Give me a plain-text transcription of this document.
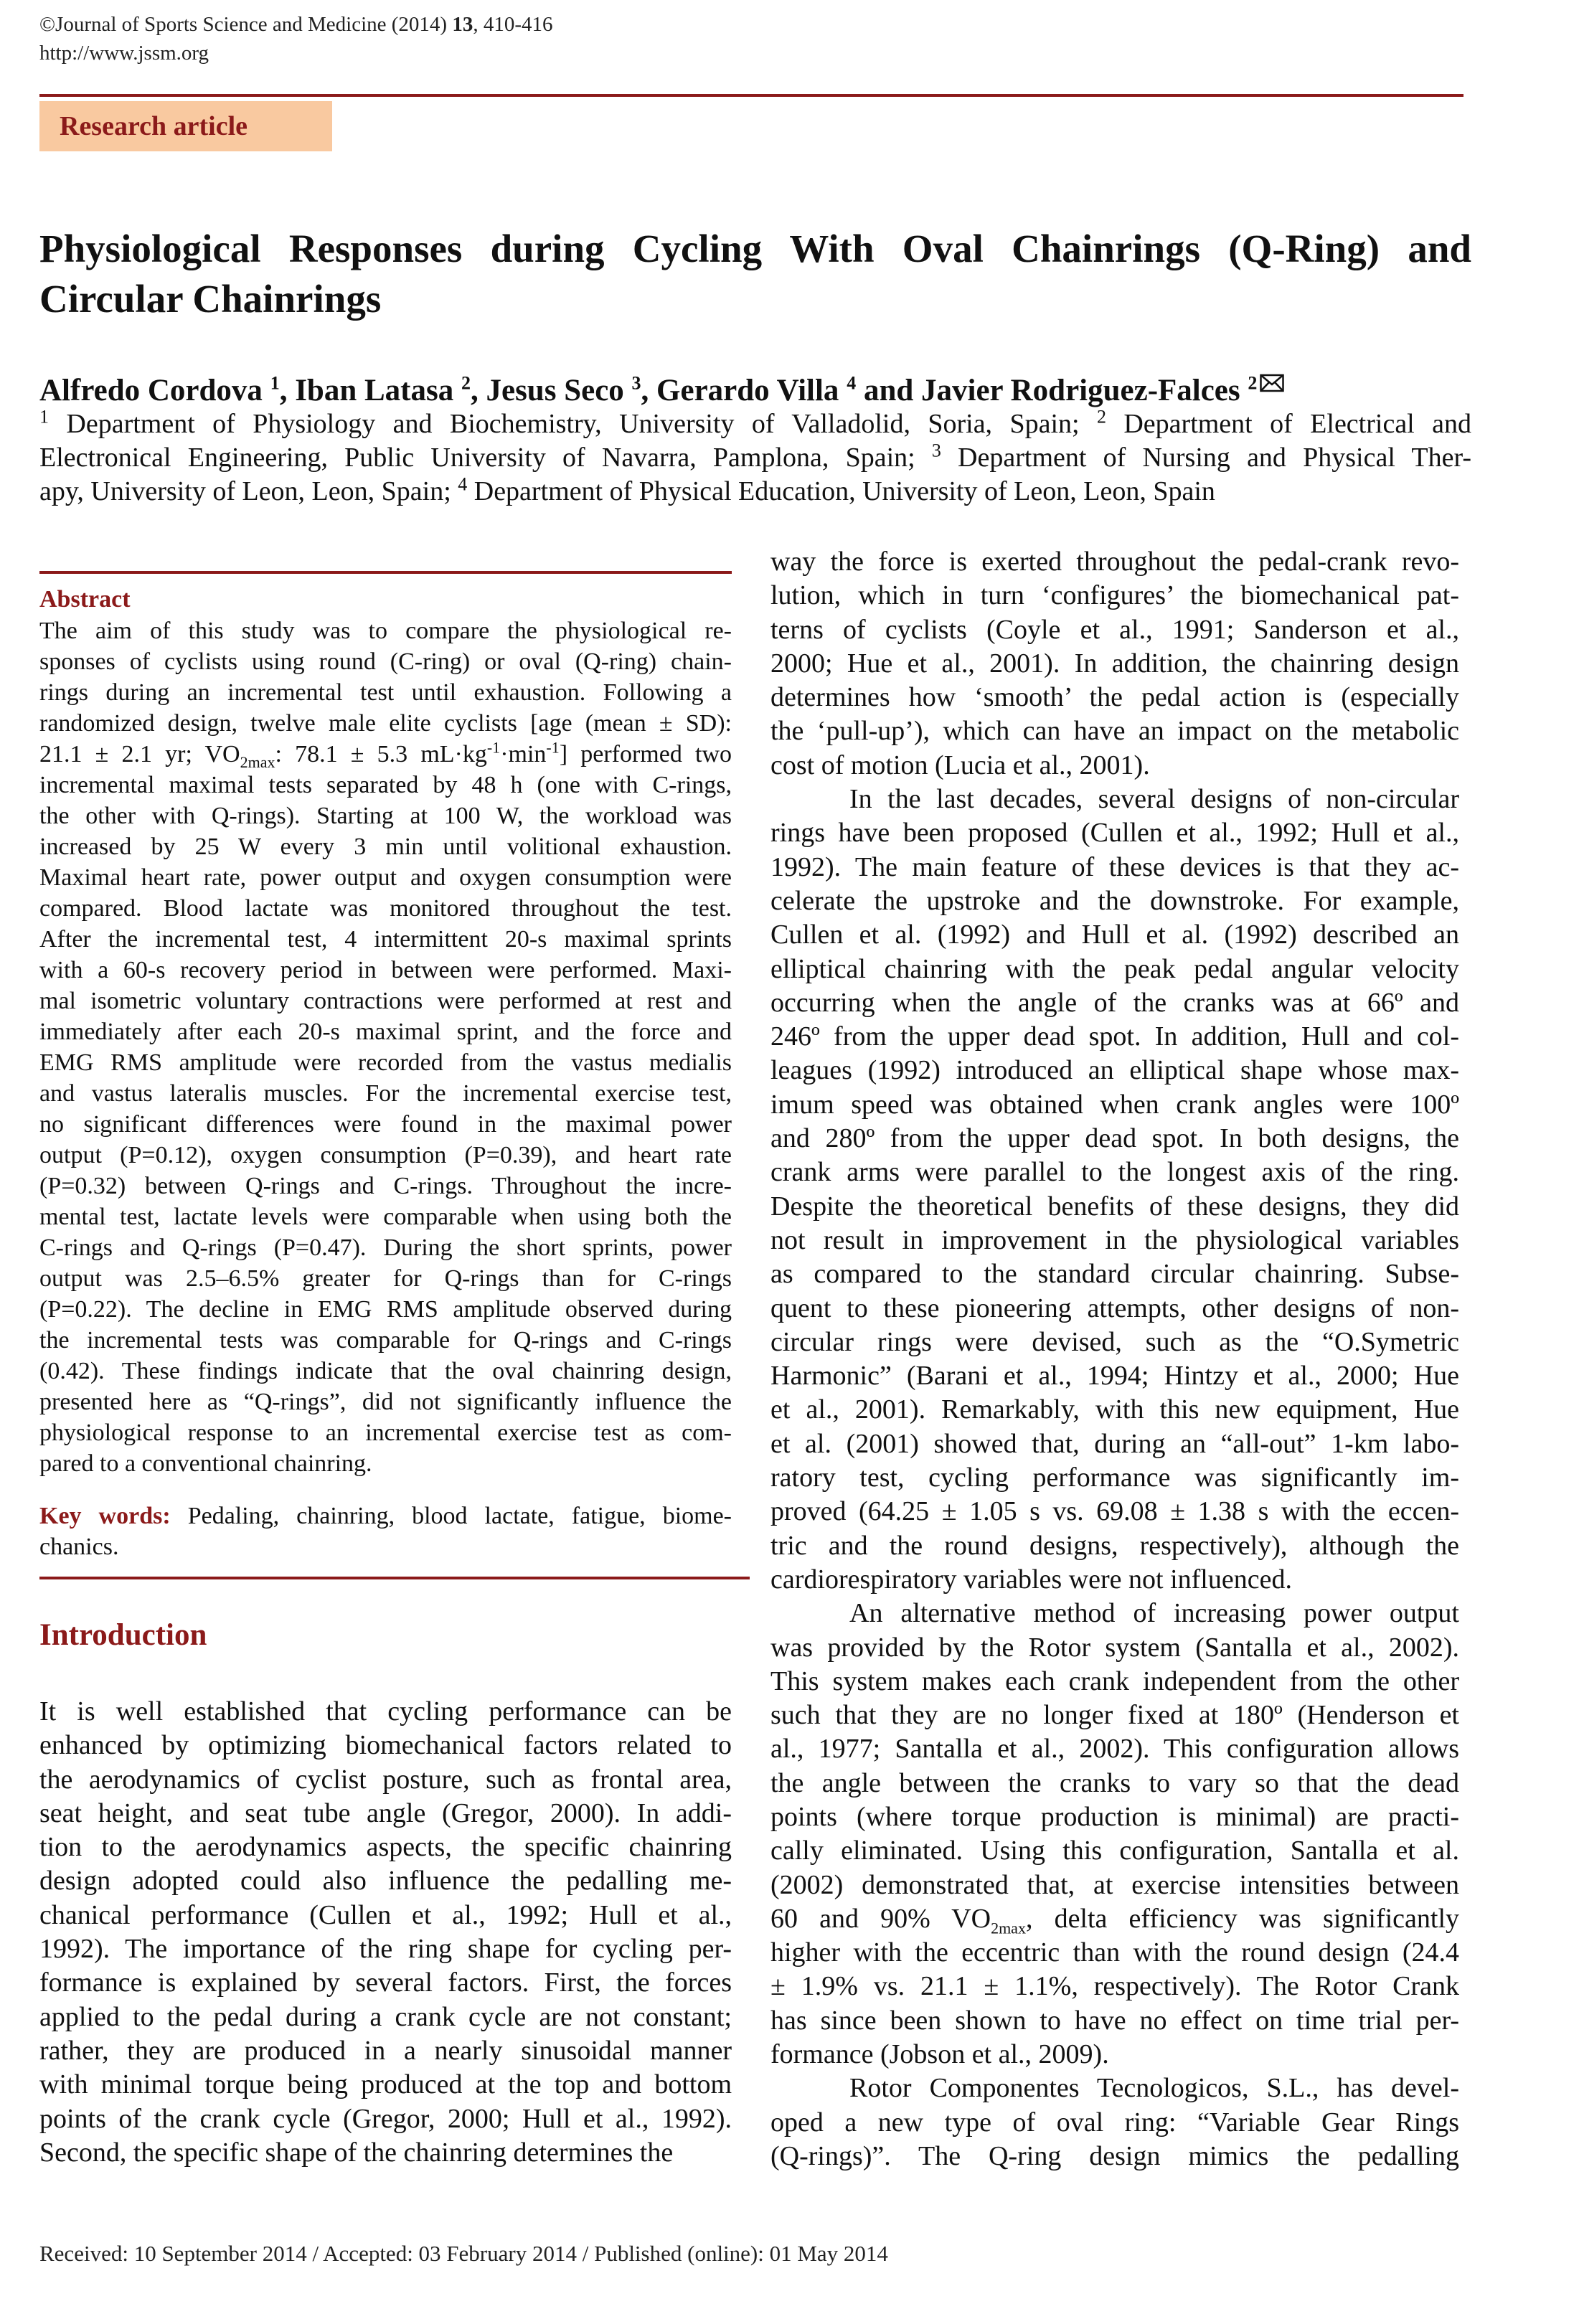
©Journal of Sports Science and Medicine (2014) 13, 410-416
http://www.jssm.org
Research article
Physiological Responses during Cycling With Oval Chainrings (Q-Ring) and Circular Chainrings
Alfredo Cordova $^1$, Iban Latasa $^2$, Jesus Seco $^3$, Gerardo Villa $^4$ and Javier Rodriguez-Falces $^2$
$^1$ Department of Physiology and Biochemistry, University of Valladolid, Soria, Spain; $^2$ Department of Electrical and
Electronical Engineering, Public University of Navarra, Pamplona, Spain; $^3$ Department of Nursing and Physical Ther-
apy, University of Leon, Leon, Spain; $^4$ Department of Physical Education, University of Leon, Leon, Spain
Abstract
The aim of this study was to compare the physiological re-
sponses of cyclists using round (C-ring) or oval (Q-ring) chain-
rings during an incremental test until exhaustion. Following a
randomized design, twelve male elite cyclists [age (mean ± SD):
21.1 ± 2.1 yr; $VO_{2max}$: 78.1 ± 5.3 $mL\cdot kg^{-1}\cdot\min^{-1}$] performed two
incremental maximal tests separated by 48 h (one with C-rings,
the other with Q-rings). Starting at 100 W, the workload was
increased by 25 W every 3 min until volitional exhaustion.
Maximal heart rate, power output and oxygen consumption were
compared. Blood lactate was monitored throughout the test.
After the incremental test, 4 intermittent 20-s maximal sprints
with a 60-s recovery period in between were performed. Maxi-
mal isometric voluntary contractions were performed at rest and
immediately after each 20-s maximal sprint, and the force and
EMG RMS amplitude were recorded from the vastus medialis
and vastus lateralis muscles. For the incremental exercise test,
no significant differences were found in the maximal power
output (P=0.12), oxygen consumption (P=0.39), and heart rate
(P=0.32) between Q-rings and C-rings. Throughout the incre-
mental test, lactate levels were comparable when using both the
C-rings and Q-rings (P=0.47). During the short sprints, power
output was 2.5–6.5% greater for Q-rings than for C-rings
(P=0.22). The decline in EMG RMS amplitude observed during
the incremental tests was comparable for Q-rings and C-rings
(0.42). These findings indicate that the oval chainring design,
presented here as “Q-rings”, did not significantly influence the
physiological response to an incremental exercise test as com-
pared to a conventional chainring.
Key words: Pedaling, chainring, blood lactate, fatigue, biome-
chanics.
Introduction
It is well established that cycling performance can be
enhanced by optimizing biomechanical factors related to
the aerodynamics of cyclist posture, such as frontal area,
seat height, and seat tube angle (Gregor, 2000). In addi-
tion to the aerodynamics aspects, the specific chainring
design adopted could also influence the pedalling me-
chanical performance (Cullen et al., 1992; Hull et al.,
1992). The importance of the ring shape for cycling per-
formance is explained by several factors. First, the forces
applied to the pedal during a crank cycle are not constant;
rather, they are produced in a nearly sinusoidal manner
with minimal torque being produced at the top and bottom
points of the crank cycle (Gregor, 2000; Hull et al., 1992).
Second, the specific shape of the chainring determines the
way the force is exerted throughout the pedal-crank revo-
lution, which in turn ‘configures’ the biomechanical pat-
terns of cyclists (Coyle et al., 1991; Sanderson et al.,
2000; Hue et al., 2001). In addition, the chainring design
determines how ‘smooth’ the pedal action is (especially
the ‘pull-up’), which can have an impact on the metabolic
cost of motion (Lucia et al., 2001).
In the last decades, several designs of non-circular
rings have been proposed (Cullen et al., 1992; Hull et al.,
1992). The main feature of these devices is that they ac-
celerate the upstroke and the downstroke. For example,
Cullen et al. (1992) and Hull et al. (1992) described an
elliptical chainring with the peak pedal angular velocity
occurring when the angle of the cranks was at 66º and
246º from the upper dead spot. In addition, Hull and col-
leagues (1992) introduced an elliptical shape whose max-
imum speed was obtained when crank angles were 100º
and 280º from the upper dead spot. In both designs, the
crank arms were parallel to the longest axis of the ring.
Despite the theoretical benefits of these designs, they did
not result in improvement in the physiological variables
as compared to the standard circular chainring. Subse-
quent to these pioneering attempts, other designs of non-
circular rings were devised, such as the “O.Symetric
Harmonic” (Barani et al., 1994; Hintzy et al., 2000; Hue
et al., 2001). Remarkably, with this new equipment, Hue
et al. (2001) showed that, during an “all-out” 1-km labo-
ratory test, cycling performance was significantly im-
proved (64.25 ± 1.05 s vs. 69.08 ± 1.38 s with the eccen-
tric and the round designs, respectively), although the
cardiorespiratory variables were not influenced.
An alternative method of increasing power output
was provided by the Rotor system (Santalla et al., 2002).
This system makes each crank independent from the other
such that they are no longer fixed at 180º (Henderson et
al., 1977; Santalla et al., 2002). This configuration allows
the angle between the cranks to vary so that the dead
points (where torque production is minimal) are practi-
cally eliminated. Using this configuration, Santalla et al.
(2002) demonstrated that, at exercise intensities between
60 and 90% $VO_{2max}$, delta efficiency was significantly
higher with the eccentric than with the round design (24.4
± 1.9% vs. 21.1 ± 1.1%, respectively). The Rotor Crank
has since been shown to have no effect on time trial per-
formance (Jobson et al., 2009).
Rotor Componentes Tecnologicos, S.L., has devel-
oped a new type of oval ring: “Variable Gear Rings
(Q-rings)”. The Q-ring design mimics the pedalling
Received: 10 September 2014 / Accepted: 03 February 2014 / Published (online): 01 May 2014
